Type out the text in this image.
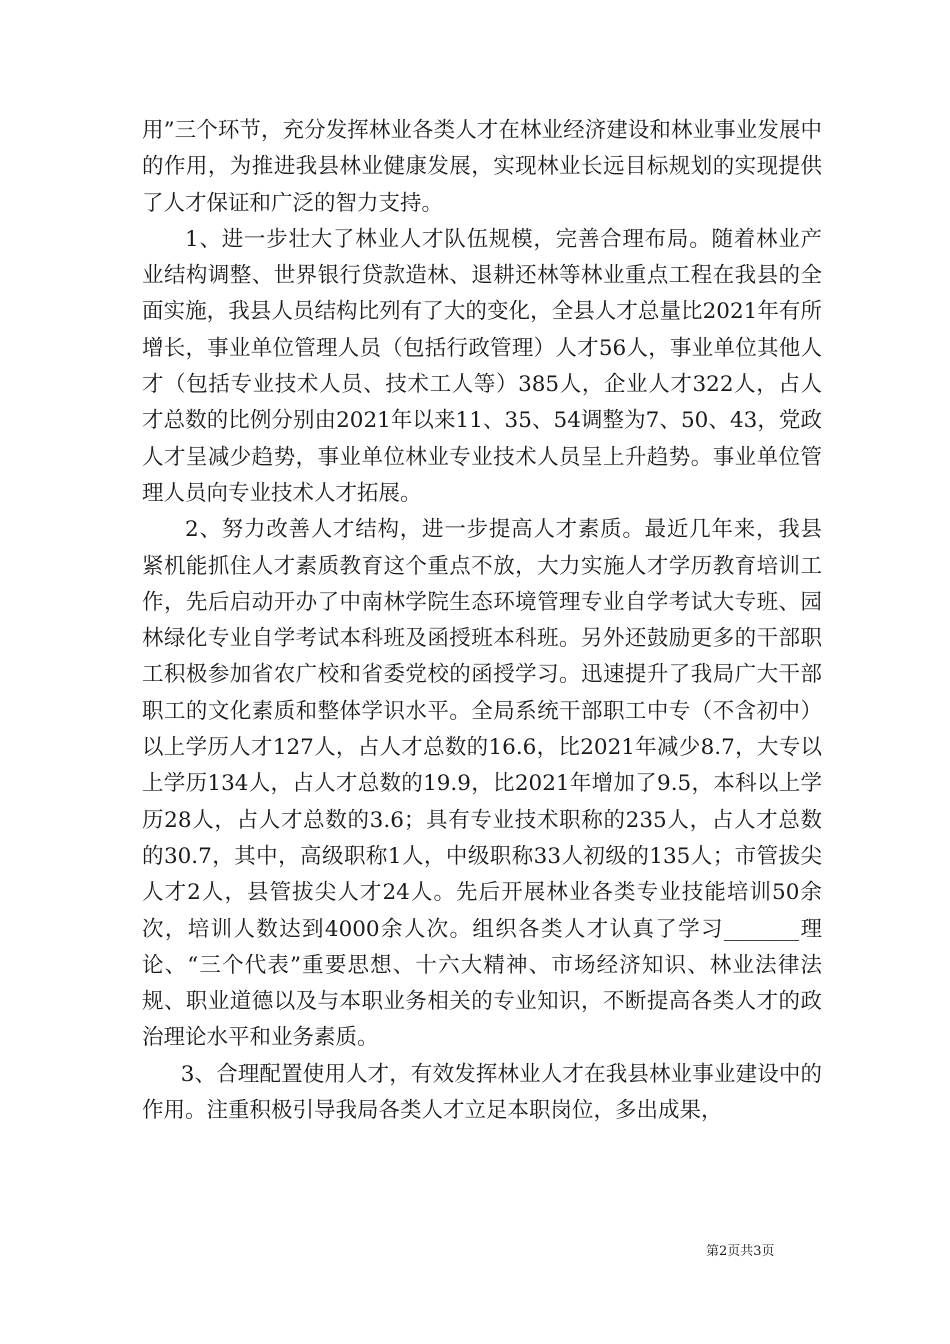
用”三个环节，充分发挥林业各类人才在林业经济建设和林业事业发展中的作用，为推进我县林业健康发展，实现林业长远目标规划的实现提供了人才保证和广泛的智力支持。

1、进一步壮大了林业人才队伍规模，完善合理布局。随着林业产业结构调整、世界银行贷款造林、退耕还林等林业重点工程在我县的全面实施，我县人员结构比列有了大的变化，全县人才总量比2021年有所增长，事业单位管理人员（包括行政管理）人才56人，事业单位其他人才（包括专业技术人员、技术工人等）385人，企业人才322人，占人才总数的比例分别由2021年以来11、35、54调整为7、50、43，党政人才呈减少趋势，事业单位林业专业技术人员呈上升趋势。事业单位管理人员向专业技术人才拓展。

2、努力改善人才结构，进一步提高人才素质。最近几年来，我县紧机能抓住人才素质教育这个重点不放，大力实施人才学历教育培训工作，先后启动开办了中南林学院生态环境管理专业自学考试大专班、园林绿化专业自学考试本科班及函授班本科班。另外还鼓励更多的干部职工积极参加省农广校和省委党校的函授学习。迅速提升了我局广大干部职工的文化素质和整体学识水平。全局系统干部职工中专（不含初中）以上学历人才127人，占人才总数的16.6，比2021年减少8.7，大专以上学历134人，占人才总数的19.9，比2021年增加了9.5，本科以上学历28人，占人才总数的3.6；具有专业技术职称的235人，占人才总数的30.7，其中，高级职称1人，中级职称33人初级的135人；市管拔尖人才2人，县管拔尖人才24人。先后开展林业各类专业技能培训50余次，培训人数达到4000余人次。组织各类人才认真了学习_______理论、“三个代表”重要思想、十六大精神、市场经济知识、林业法律法规、职业道德以及与本职业务相关的专业知识，不断提高各类人才的政治理论水平和业务素质。

3、合理配置使用人才，有效发挥林业人才在我县林业事业建设中的作用。注重积极引导我局各类人才立足本职岗位，多出成果，

第2页共3页
